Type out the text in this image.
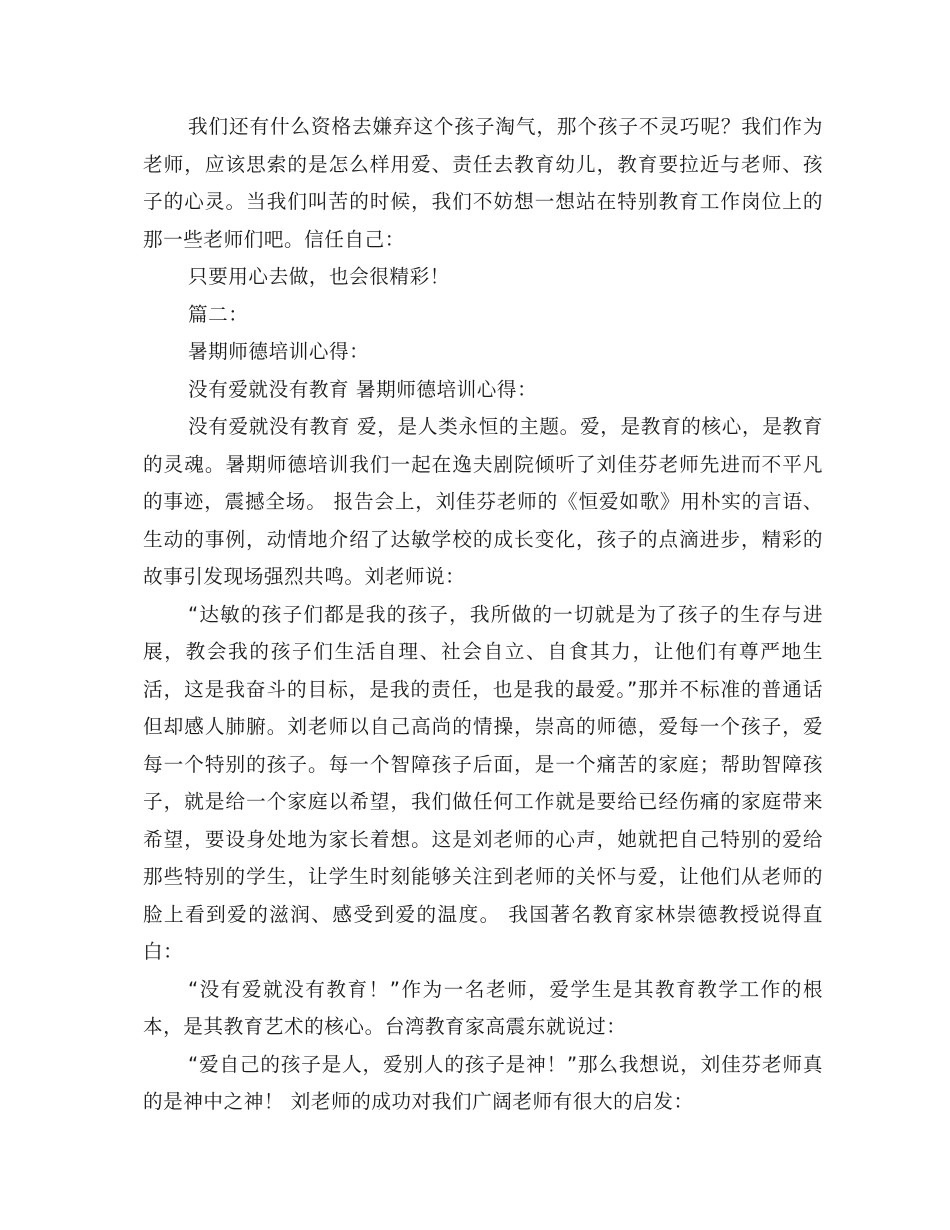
我们还有什么资格去嫌弃这个孩子淘气，那个孩子不灵巧呢？我们作为老师，应该思索的是怎么样用爱、责任去教育幼儿，教育要拉近与老师、孩子的心灵。当我们叫苦的时候，我们不妨想一想站在特别教育工作岗位上的那一些老师们吧。信任自己：

只要用心去做，也会很精彩！

篇二：

暑期师德培训心得：

没有爱就没有教育 暑期师德培训心得：

没有爱就没有教育 爱，是人类永恒的主题。爱，是教育的核心，是教育的灵魂。暑期师德培训我们一起在逸夫剧院倾听了刘佳芬老师先进而不平凡的事迹，震撼全场。 报告会上，刘佳芬老师的《恒爱如歌》用朴实的言语、生动的事例，动情地介绍了达敏学校的成长变化，孩子的点滴进步，精彩的故事引发现场强烈共鸣。刘老师说：

“达敏的孩子们都是我的孩子，我所做的一切就是为了孩子的生存与进展，教会我的孩子们生活自理、社会自立、自食其力，让他们有尊严地生活，这是我奋斗的目标，是我的责任，也是我的最爱。”那并不标准的普通话但却感人肺腑。刘老师以自己高尚的情操，崇高的师德，爱每一个孩子，爱每一个特别的孩子。每一个智障孩子后面，是一个痛苦的家庭；帮助智障孩子，就是给一个家庭以希望，我们做任何工作就是要给已经伤痛的家庭带来希望，要设身处地为家长着想。这是刘老师的心声，她就把自己特别的爱给那些特别的学生，让学生时刻能够关注到老师的关怀与爱，让他们从老师的脸上看到爱的滋润、感受到爱的温度。 我国著名教育家林崇德教授说得直白：

“没有爱就没有教育！”作为一名老师，爱学生是其教育教学工作的根本，是其教育艺术的核心。台湾教育家高震东就说过：

“爱自己的孩子是人，爱别人的孩子是神！”那么我想说，刘佳芬老师真的是神中之神！ 刘老师的成功对我们广阔老师有很大的启发：
